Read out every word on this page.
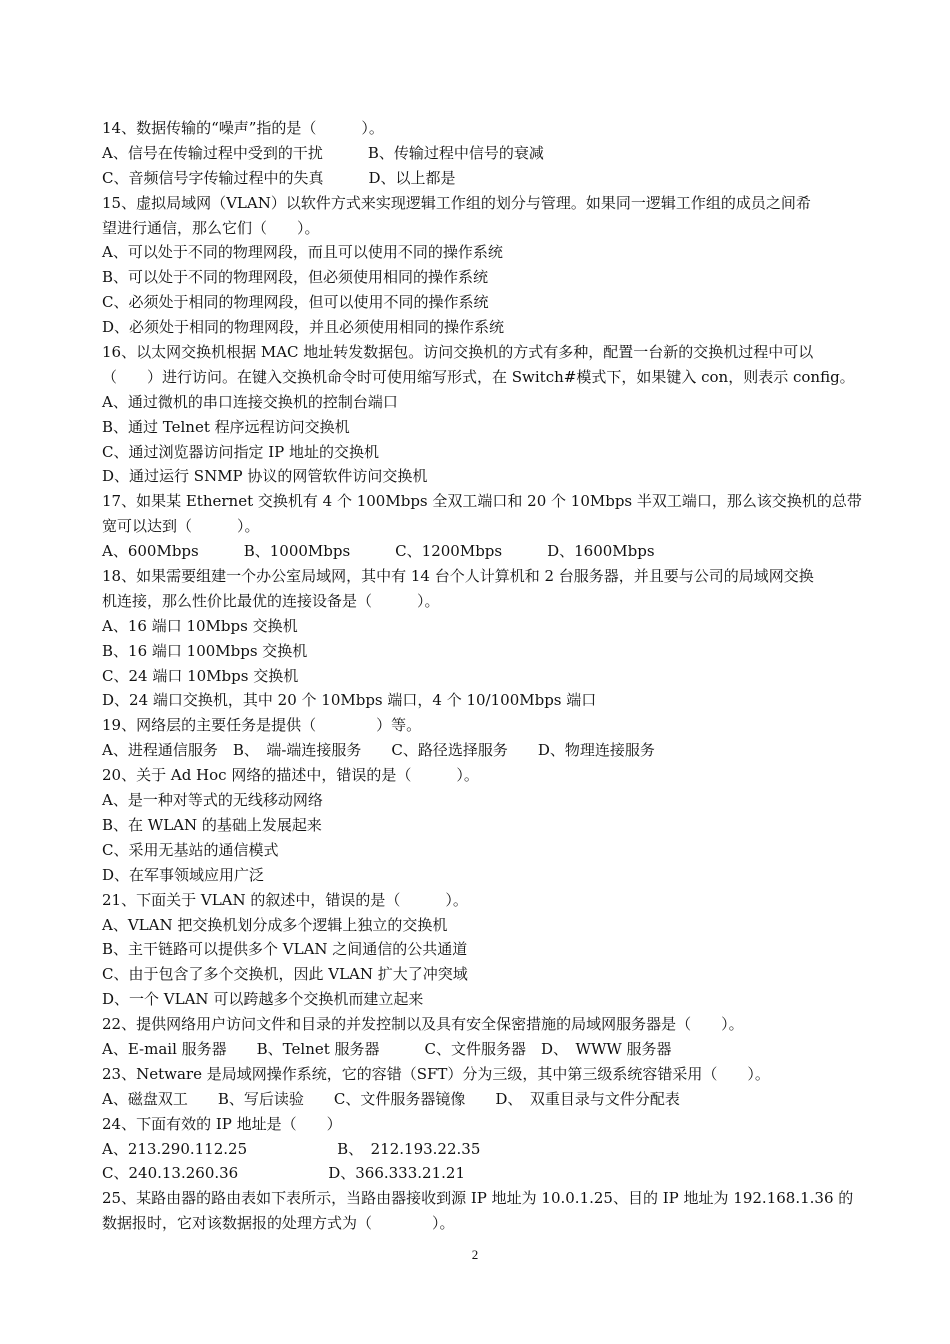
14、数据传输的“噪声”指的是（　　　）。
A、信号在传输过程中受到的干扰　　　B、传输过程中信号的衰减
C、音频信号字传输过程中的失真　　　D、以上都是
15、虚拟局域网（VLAN）以软件方式来实现逻辑工作组的划分与管理。如果同一逻辑工作组的成员之间希
望进行通信，那么它们（　　）。
A、可以处于不同的物理网段，而且可以使用不同的操作系统
B、可以处于不同的物理网段，但必须使用相同的操作系统
C、必须处于相同的物理网段，但可以使用不同的操作系统
D、必须处于相同的物理网段，并且必须使用相同的操作系统
16、以太网交换机根据 MAC 地址转发数据包。访问交换机的方式有多种，配置一台新的交换机过程中可以
（　　）进行访问。在键入交换机命令时可使用缩写形式，在 Switch#模式下，如果键入 con，则表示 config。
A、通过微机的串口连接交换机的控制台端口
B、通过 Telnet 程序远程访问交换机
C、通过浏览器访问指定 IP 地址的交换机
D、通过运行 SNMP 协议的网管软件访问交换机
17、如果某 Ethernet 交换机有 4 个 100Mbps 全双工端口和 20 个 10Mbps 半双工端口，那么该交换机的总带
宽可以达到（　　　）。
A、600Mbps　　　B、1000Mbps　　　C、1200Mbps　　　D、1600Mbps
18、如果需要组建一个办公室局域网，其中有 14 台个人计算机和 2 台服务器，并且要与公司的局域网交换
机连接，那么性价比最优的连接设备是（　　　）。
A、16 端口 10Mbps 交换机
B、16 端口 100Mbps 交换机
C、24 端口 10Mbps 交换机
D、24 端口交换机，其中 20 个 10Mbps 端口，4 个 10/100Mbps 端口
19、网络层的主要任务是提供（　　　　）等。
A、进程通信服务　B、　端-端连接服务　　C、路径选择服务　　D、物理连接服务
20、关于 Ad Hoc 网络的描述中，错误的是（　　　）。
A、是一种对等式的无线移动网络
B、在 WLAN 的基础上发展起来
C、采用无基站的通信模式
D、在军事领域应用广泛
21、下面关于 VLAN 的叙述中，错误的是（　　　）。
A、VLAN 把交换机划分成多个逻辑上独立的交换机
B、主干链路可以提供多个 VLAN 之间通信的公共通道
C、由于包含了多个交换机，因此 VLAN 扩大了冲突域
D、一个 VLAN 可以跨越多个交换机而建立起来
22、提供网络用户访问文件和目录的并发控制以及具有安全保密措施的局域网服务器是（　　）。
A、E-mail 服务器　　B、Telnet 服务器　　　C、文件服务器　D、　WWW 服务器
23、Netware 是局域网操作系统，它的容错（SFT）分为三级，其中第三级系统容错采用（　　）。
A、磁盘双工　　B、写后读验　　C、文件服务器镜像　　D、　双重目录与文件分配表
24、下面有效的 IP 地址是（　　）
A、213.290.112.25　　　　　　B、　212.193.22.35
C、240.13.260.36　　　　　　D、366.333.21.21
25、某路由器的路由表如下表所示，当路由器接收到源 IP 地址为 10.0.1.25、目的 IP 地址为 192.168.1.36 的
数据报时，它对该数据报的处理方式为（　　　　）。
2
